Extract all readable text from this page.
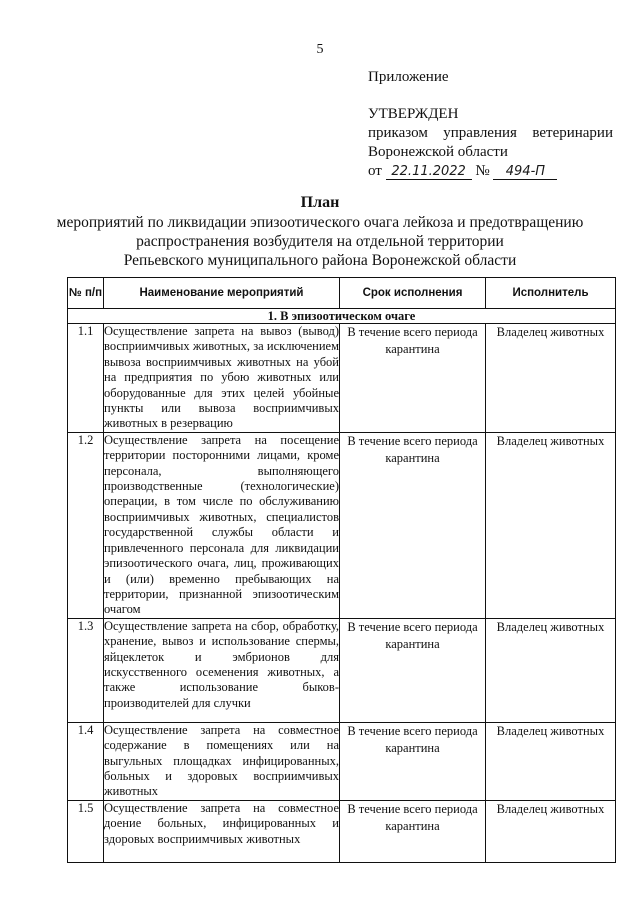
5
Приложение
УТВЕРЖДЕН
приказом управления ветеринарии
Воронежской области
от 22.11.2022 № 494-П
План
мероприятий по ликвидации эпизоотического очага лейкоза и предотвращению
распространения возбудителя на отдельной территории
Репьевского муниципального района Воронежской области
№ п/п	Наименование мероприятий	Срок исполнения	Исполнитель
1. В эпизоотическом очаге			
1.1	Осуществление запрета на вывоз (вывод) восприимчивых животных, за исключением вывоза восприимчивых животных на убой на предприятия по убою животных или оборудованные для этих целей убойные пункты или вывоза восприимчивых животных в резервацию	В течение всего периода карантина	Владелец животных
1.2	Осуществление запрета на посещение территории посторонними лицами, кроме персонала, выполняющего производственные (технологические) операции, в том числе по обслуживанию восприимчивых животных, специалистов государственной службы области и привлеченного персонала для ликвидации эпизоотического очага, лиц, проживающих и (или) временно пребывающих на территории, признанной эпизоотическим очагом	В течение всего периода карантина	Владелец животных
1.3	Осуществление запрета на сбор, обработку, хранение, вывоз и использование спермы, яйцеклеток и эмбрионов для искусственного осеменения животных, а также использование быков-производителей для случки	В течение всего периода карантина	Владелец животных
1.4	Осуществление запрета на совместное содержание в помещениях или на выгульных площадках инфицированных, больных и здоровых восприимчивых животных	В течение всего периода карантина	Владелец животных
1.5	Осуществление запрета на совместное доение больных, инфицированных и здоровых восприимчивых животных	В течение всего периода карантина	Владелец животных
